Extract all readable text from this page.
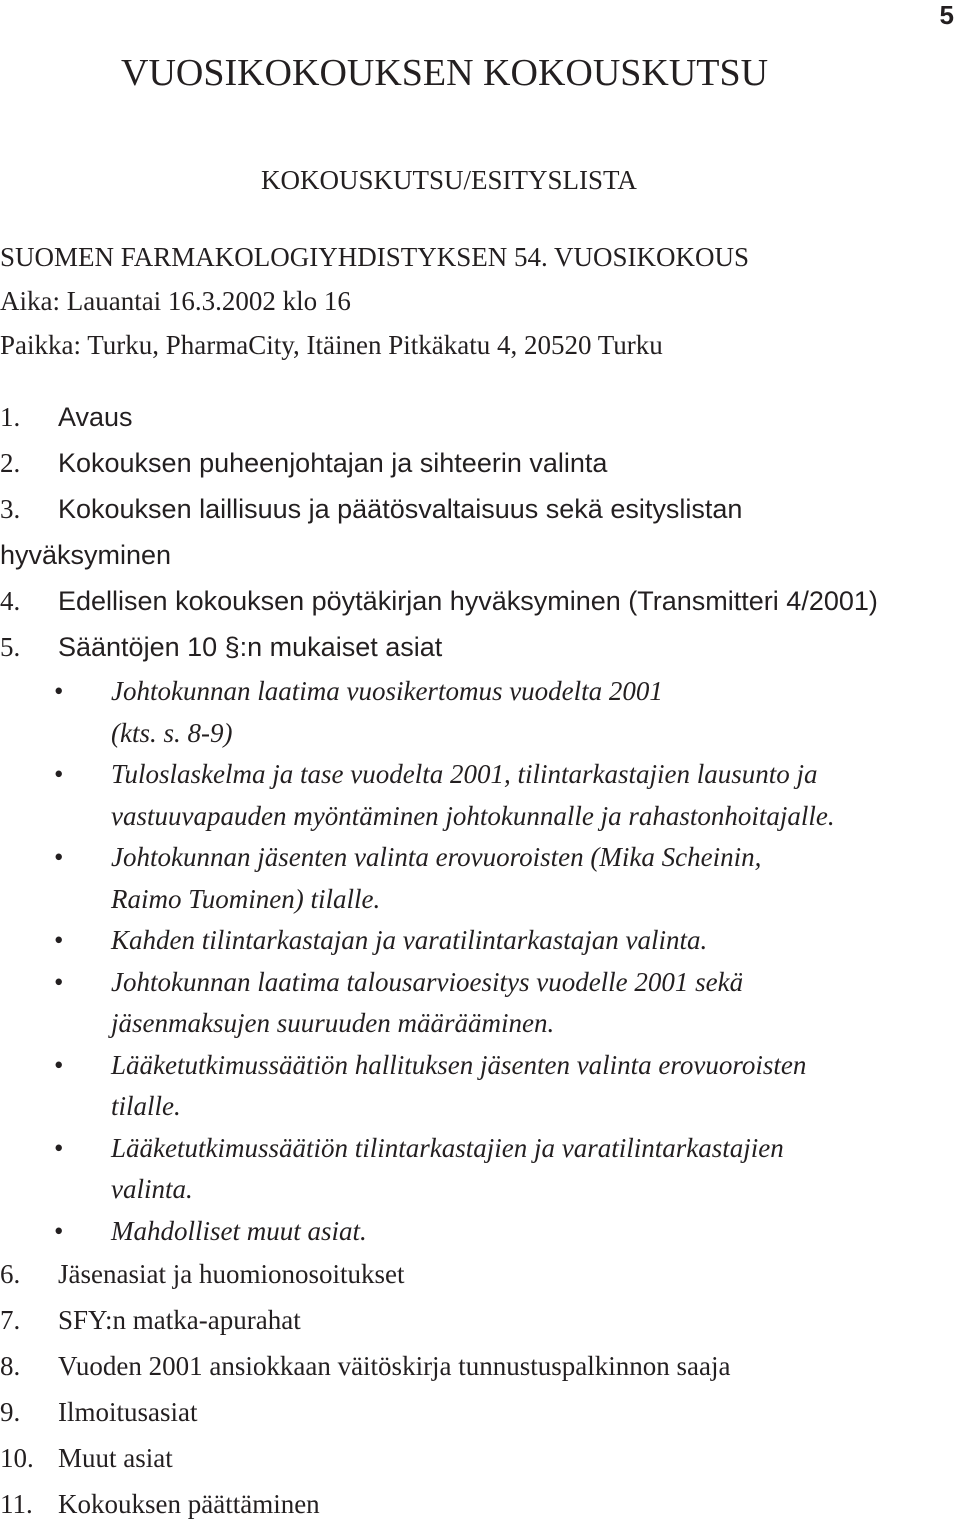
5
VUOSIKOKOUKSEN KOKOUSKUTSU
KOKOUSKUTSU/ESITYSLISTA
SUOMEN FARMAKOLOGIYHDISTYKSEN 54. VUOSIKOKOUS
Aika: Lauantai 16.3.2002 klo 16
Paikka: Turku, PharmaCity, Itäinen Pitkäkatu 4, 20520 Turku
1. Avaus
2. Kokouksen puheenjohtajan ja sihteerin valinta
3. Kokouksen laillisuus ja päätösvaltaisuus sekä esityslistan
hyväksyminen
4. Edellisen kokouksen pöytäkirjan hyväksyminen (Transmitteri 4/2001)
5. Sääntöjen 10 §:n mukaiset asiat
• Johtokunnan laatima vuosikertomus vuodelta 2001
(kts. s. 8-9)
• Tuloslaskelma ja tase vuodelta 2001, tilintarkastajien lausunto ja
vastuuvapauden myöntäminen johtokunnalle ja rahastonhoitajalle.
• Johtokunnan jäsenten valinta erovuoroisten (Mika Scheinin,
Raimo Tuominen) tilalle.
• Kahden tilintarkastajan ja varatilintarkastajan valinta.
• Johtokunnan laatima talousarvioesitys vuodelle 2001 sekä
jäsenmaksujen suuruuden määrääminen.
• Lääketutkimussäätiön hallituksen jäsenten valinta erovuoroisten
tilalle.
• Lääketutkimussäätiön tilintarkastajien ja varatilintarkastajien
valinta.
• Mahdolliset muut asiat.
6. Jäsenasiat ja huomionosoitukset
7. SFY:n matka-apurahat
8. Vuoden 2001 ansiokkaan väitöskirja tunnustuspalkinnon saaja
9. Ilmoitusasiat
10. Muut asiat
11. Kokouksen päättäminen
